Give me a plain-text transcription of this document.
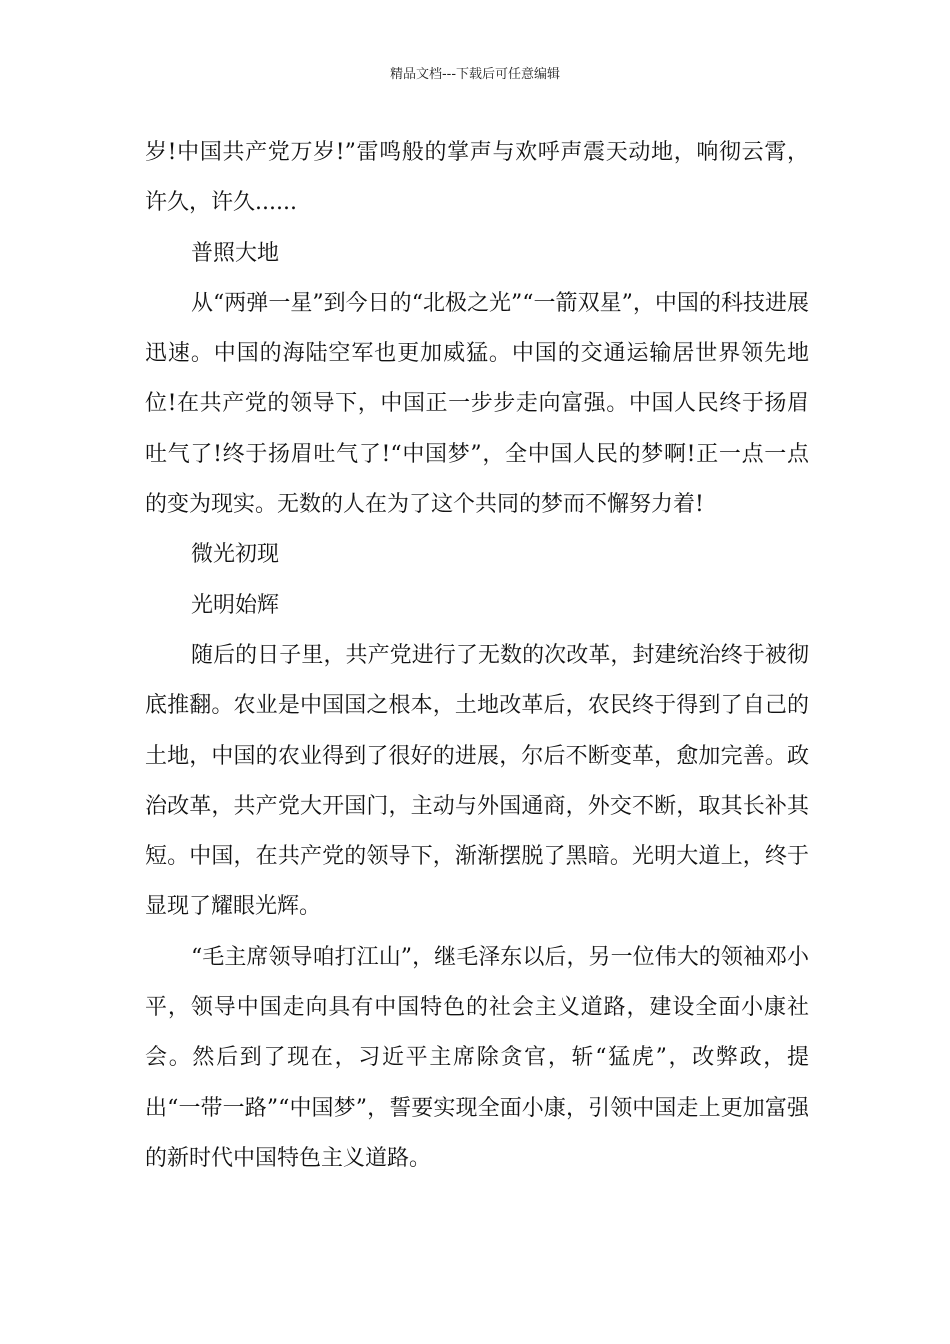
精品文档---下载后可任意编辑

岁!中国共产党万岁!”雷鸣般的掌声与欢呼声震天动地，响彻云霄，许久，许久......

普照大地

从“两弹一星”到今日的“北极之光”“一箭双星”，中国的科技进展迅速。中国的海陆空军也更加威猛。中国的交通运输居世界领先地位!在共产党的领导下，中国正一步步走向富强。中国人民终于扬眉吐气了!终于扬眉吐气了!“中国梦”，全中国人民的梦啊!正一点一点的变为现实。无数的人在为了这个共同的梦而不懈努力着!

微光初现

光明始辉

随后的日子里，共产党进行了无数的次改革，封建统治终于被彻底推翻。农业是中国国之根本，土地改革后，农民终于得到了自己的土地，中国的农业得到了很好的进展，尔后不断变革，愈加完善。政治改革，共产党大开国门，主动与外国通商，外交不断，取其长补其短。中国，在共产党的领导下，渐渐摆脱了黑暗。光明大道上，终于显现了耀眼光辉。

“毛主席领导咱打江山”，继毛泽东以后，另一位伟大的领袖邓小平，领导中国走向具有中国特色的社会主义道路，建设全面小康社会。然后到了现在，习近平主席除贪官，斩“猛虎”，改弊政，提出“一带一路”“中国梦”，誓要实现全面小康，引领中国走上更加富强的新时代中国特色主义道路。
